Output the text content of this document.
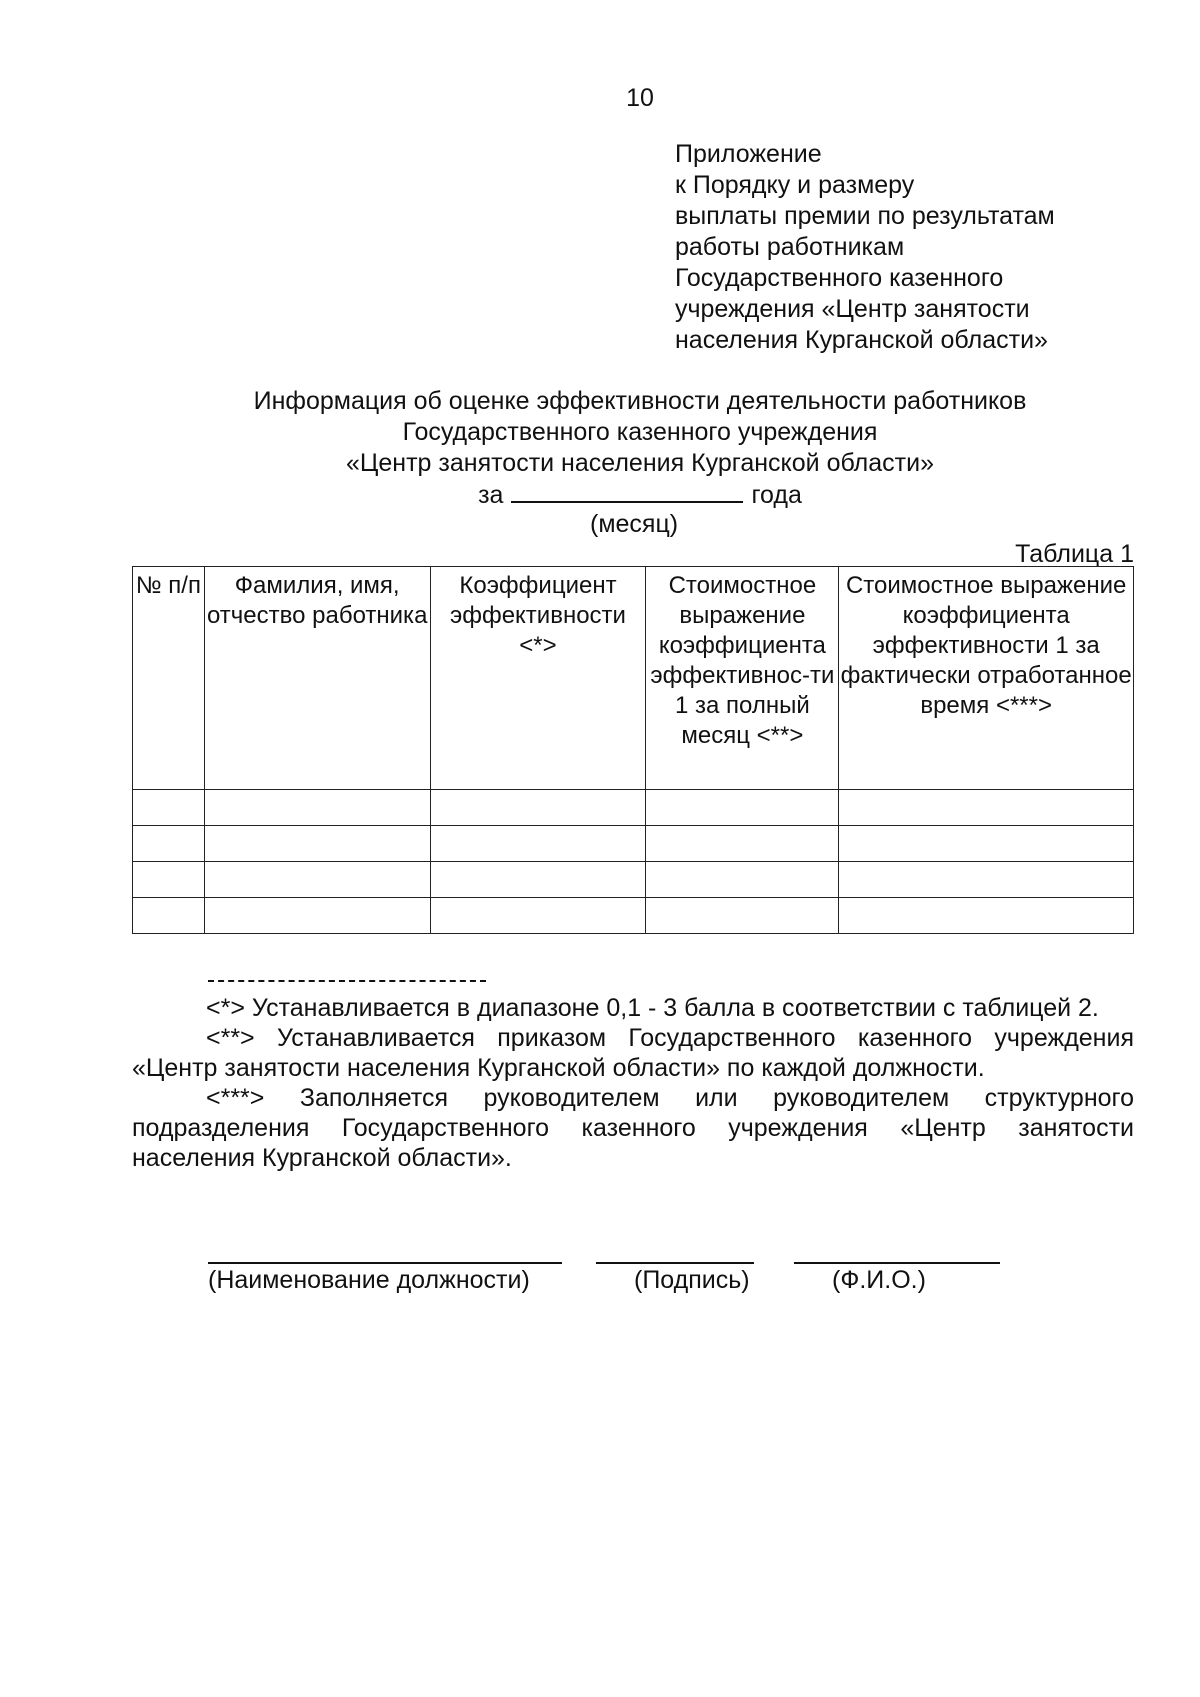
10
Приложение
к Порядку и размеру
выплаты премии по результатам
работы работникам
Государственного казенного
учреждения «Центр занятости
населения Курганской области»
Информация об оценке эффективности деятельности работников
Государственного казенного учреждения
«Центр занятости населения Курганской области»
за	года
(месяц)
Таблица 1
№ п/п	Фамилия, имя, отчество работника	Коэффициент эффективности <*>	Стоимостное выражение коэффициента эффективнос-ти 1 за полный месяц <**>	Стоимостное выражение коэффициента эффективности 1 за фактически отработанное время <***>

<*> Устанавливается в диапазоне 0,1 - 3 балла в соответствии с таблицей 2.

<**> Устанавливается приказом Государственного казенного учреждения «Центр занятости населения Курганской области» по каждой должности.

<***> Заполняется руководителем или руководителем структурного подразделения Государственного казенного учреждения «Центр занятости населения Курганской области».

(Наименование должности)	(Подпись)	(Ф.И.О.)
